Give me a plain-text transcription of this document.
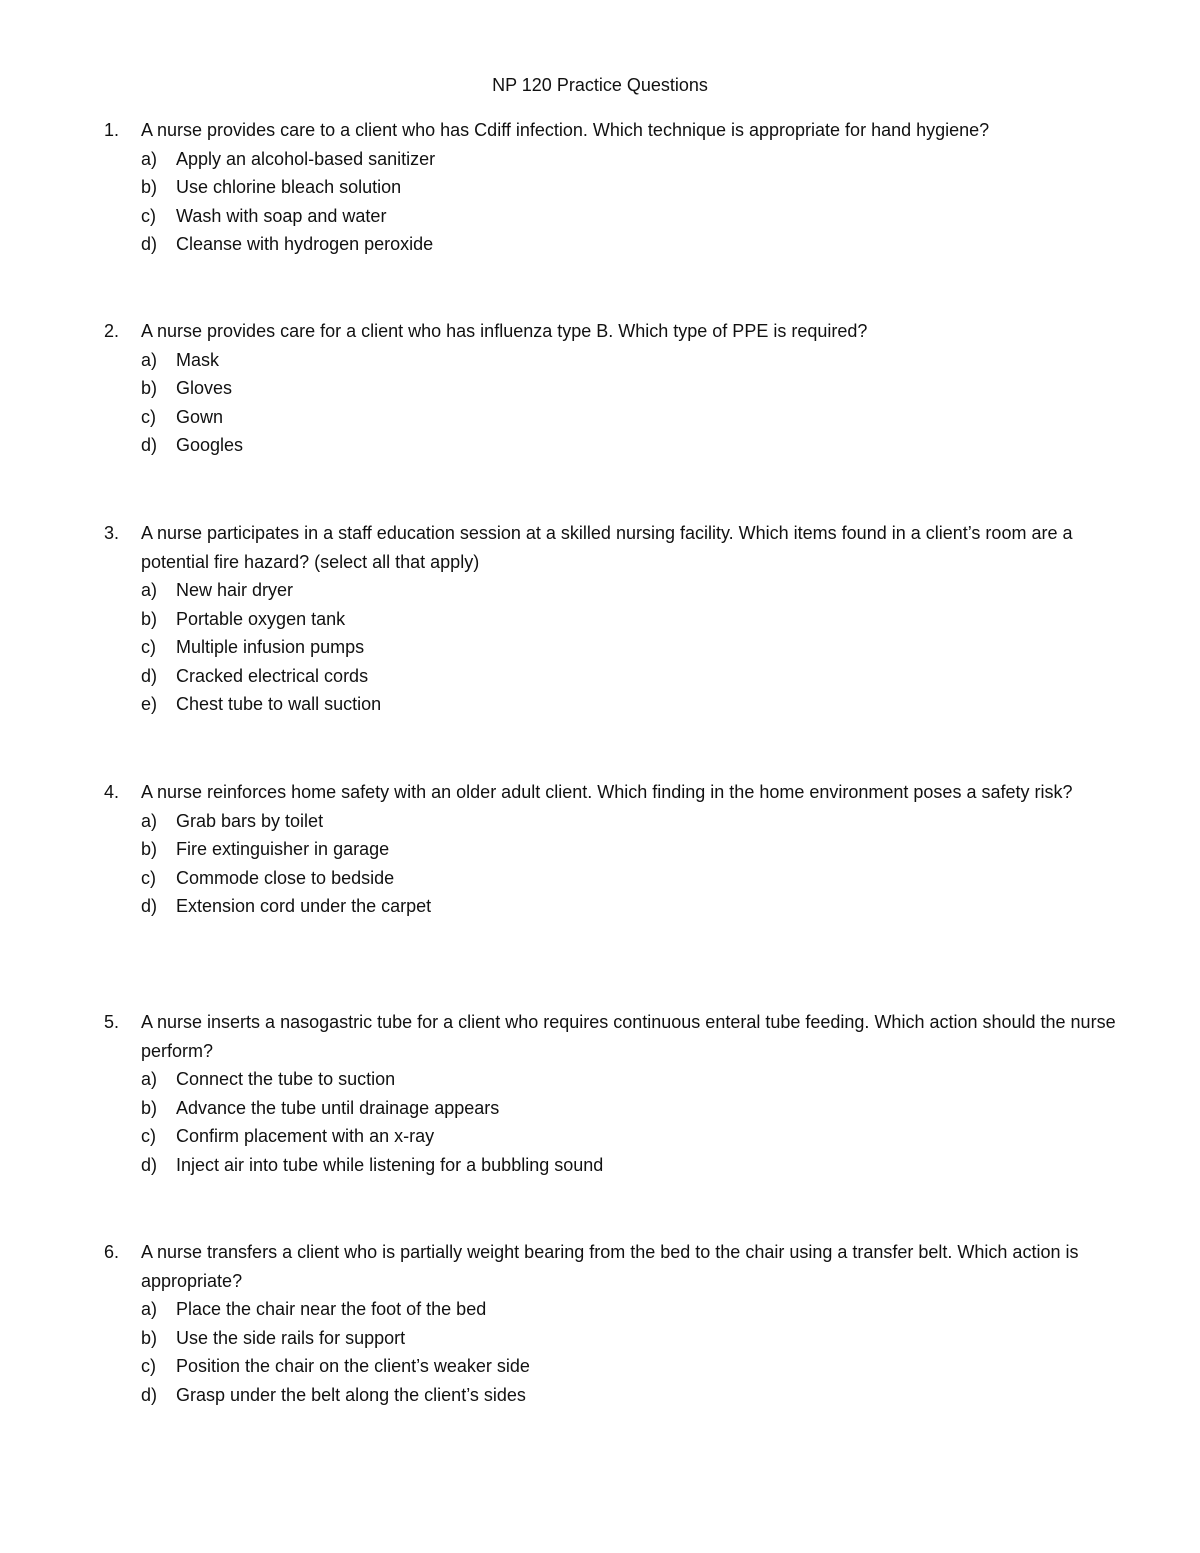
NP 120 Practice Questions
1. A nurse provides care to a client who has Cdiff infection. Which technique is appropriate for hand hygiene?
a) Apply an alcohol-based sanitizer
b) Use chlorine bleach solution
c) Wash with soap and water
d) Cleanse with hydrogen peroxide
2. A nurse provides care for a client who has influenza type B. Which type of PPE is required?
a) Mask
b) Gloves
c) Gown
d) Googles
3. A nurse participates in a staff education session at a skilled nursing facility. Which items found in a client’s room are a potential fire hazard? (select all that apply)
a) New hair dryer
b) Portable oxygen tank
c) Multiple infusion pumps
d) Cracked electrical cords
e) Chest tube to wall suction
4. A nurse reinforces home safety with an older adult client. Which finding in the home environment poses a safety risk?
a) Grab bars by toilet
b) Fire extinguisher in garage
c) Commode close to bedside
d) Extension cord under the carpet
5. A nurse inserts a nasogastric tube for a client who requires continuous enteral tube feeding. Which action should the nurse perform?
a) Connect the tube to suction
b) Advance the tube until drainage appears
c) Confirm placement with an x-ray
d) Inject air into tube while listening for a bubbling sound
6. A nurse transfers a client who is partially weight bearing from the bed to the chair using a transfer belt. Which action is appropriate?
a) Place the chair near the foot of the bed
b) Use the side rails for support
c) Position the chair on the client’s weaker side
d) Grasp under the belt along the client’s sides
